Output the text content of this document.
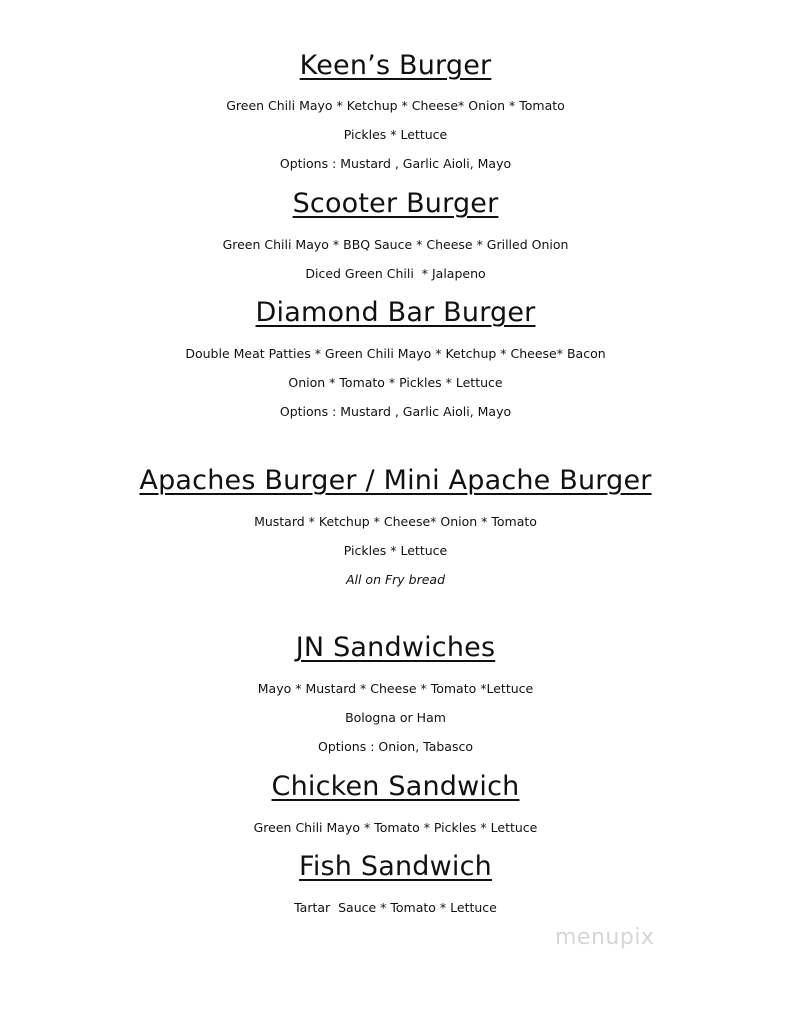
Keen’s Burger

Green Chili Mayo * Ketchup * Cheese* Onion * Tomato

Pickles * Lettuce

Options : Mustard , Garlic Aioli, Mayo

Scooter Burger

Green Chili Mayo * BBQ Sauce * Cheese * Grilled Onion

Diced Green Chili  * Jalapeno

Diamond Bar Burger

Double Meat Patties * Green Chili Mayo * Ketchup * Cheese* Bacon

Onion * Tomato * Pickles * Lettuce

Options : Mustard , Garlic Aioli, Mayo

Apaches Burger / Mini Apache Burger

Mustard * Ketchup * Cheese* Onion * Tomato

Pickles * Lettuce

All on Fry bread

JN Sandwiches

Mayo * Mustard * Cheese * Tomato *Lettuce

Bologna or Ham

Options : Onion, Tabasco

Chicken Sandwich

Green Chili Mayo * Tomato * Pickles * Lettuce

Fish Sandwich

Tartar  Sauce * Tomato * Lettuce

menupix
